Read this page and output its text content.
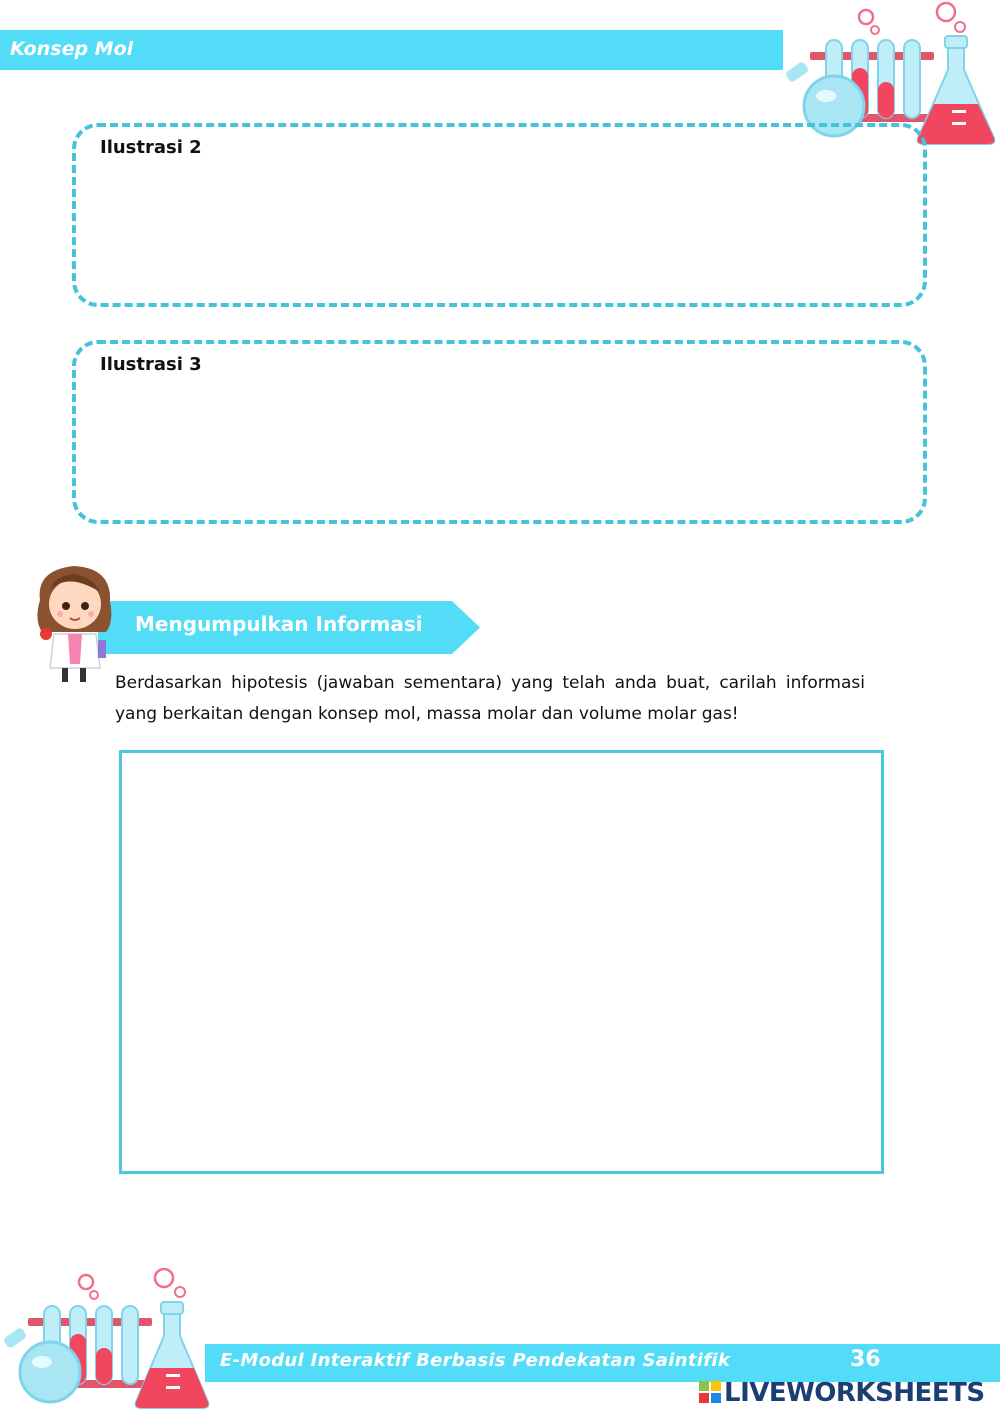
Konsep Mol
Ilustrasi 2
Ilustrasi 3
Mengumpulkan Informasi

Berdasarkan hipotesis (jawaban sementara) yang telah anda buat, carilah informasi yang berkaitan dengan konsep mol, massa molar dan volume molar gas!

E-Modul Interaktif Berbasis Pendekatan Saintifik	36
LIVEWORKSHEETS
